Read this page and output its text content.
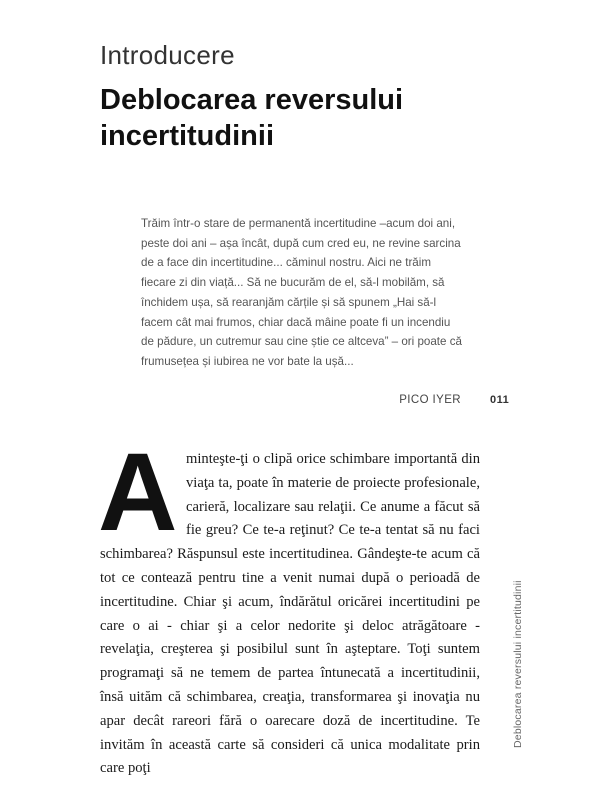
Introducere
Deblocarea reversului incertitudinii

Trăim într-o stare de permanentă incertitudine –acum doi ani, peste doi ani – așa încât, după cum cred eu, ne revine sarcina de a face din incertitudine... căminul nostru. Aici ne trăim fiecare zi din viață... Să ne bucurăm de el, să-l mobilăm, să închidem ușa, să rearanjăm cărțile și să spunem „Hai să-l facem cât mai frumos, chiar dacă mâine poate fi un incendiu de pădure, un cutremur sau cine știe ce altceva” – ori poate că frumusețea și iubirea ne vor bate la ușă...

PICO IYER	011

Aminteşte-ţi o clipă orice schimbare importantă din viaţa ta, poate în materie de proiecte profesionale, carieră, localizare sau relaţii. Ce anume a făcut să fie greu? Ce te-a reţinut? Ce te-a tentat să nu faci schimbarea? Răspunsul este incertitudinea. Gândeşte-te acum că tot ce contează pentru tine a venit numai după o perioadă de incertitudine. Chiar şi acum, îndărătul oricărei incertitudini pe care o ai - chiar şi a celor nedorite şi deloc atrăgătoare - revelaţia, creşterea şi posibilul sunt în aşteptare. Toţi suntem programaţi să ne temem de partea întunecată a incertitudinii, însă uităm că schimbarea, creaţia, transformarea şi inovaţia nu apar decât rareori fără o oarecare doză de incertitudine. Te invităm în această carte să consideri că unica modalitate prin care poţi

Deblocarea reversului incertitudinii
